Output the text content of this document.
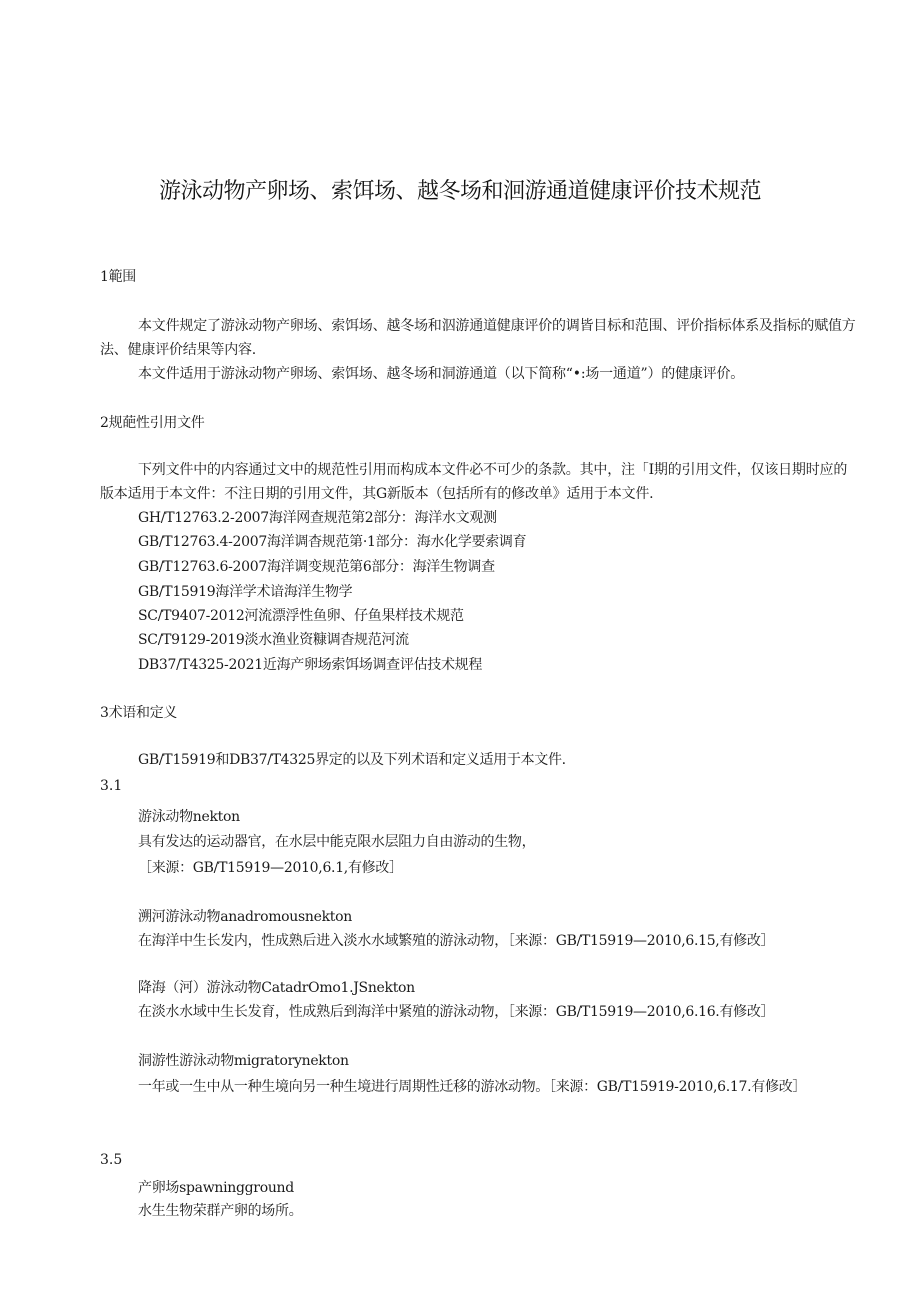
游泳动物产卵场、索饵场、越冬场和洄游通道健康评价技术规范
1範围
本文件规定了游泳动物产卵场、索饵场、越冬场和泅游通道健康评价的调皆目标和范围、评价指标体系及指标的赋值方法、健康评价结果等内容.
本文件适用于游泳动物产卵场、索饵场、越冬场和洞游通道（以下简称“•:场一通道”）的健康评价。
2规葩性引用文件
下列文件中的内容通过文中的规范性引用而构成本文件必不可少的条款。其中，注「I期的引用文件，仅该日期时应的版本适用于本文件：不注日期的引用文件，其G新版本（包括所有的修改单》适用于本文件.
GH/T12763.2-2007海洋网查规范第2部分：海洋水文观测
GB/T12763.4-2007海洋调杳规范第·1部分：海水化学要索调育
GB/T12763.6-2007海洋调变规范第6部分：海洋生物调查
GB/T15919海洋学术谙海洋生物学
SC/T9407-2012河流漂浮性鱼卵、仔鱼果样技术规范
SC/T9129-2019淡水渔业资糠调杳规范河流
DB37/T4325-2021近海产卵场索饵场调查评估技术规程
3术语和定义
GB/T15919和DB37/T4325界定的以及下列术语和定义适用于本文件.
3.1
游泳动物nekton
具有发达的运动器官，在水层中能克限水层阻力自由游动的生物，
［来源：GB/T15919—2010,6.1,有修改］
溯河游泳动物anadromousnekton
在海洋中生长发内，性成熟后进入淡水水域繁殖的游泳动物，［来源：GB/T15919—2010,6.15,有修改］
降海（河）游泳动物CatadrOmo1.JSnekton
在淡水水域中生长发育，性成熟后到海洋中紧殖的游泳动物，［来源：GB/T15919—2010,6.16.有修改］
洞游性游泳动物migratorynekton
一年或一生中从一种生境向另一种生境进行周期性迁移的游冰动物。［来源：GB/T15919-2010,6.17.有修改］
3.5
产卵场spawningground
水生生物荣群产卵的场所。
